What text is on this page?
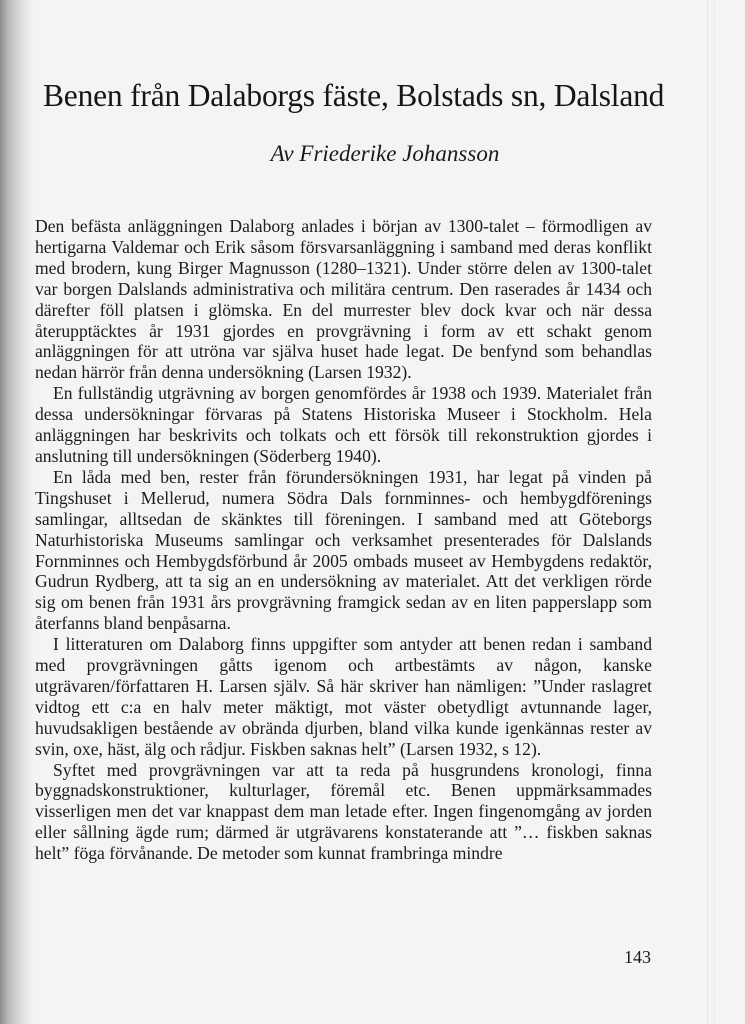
Benen från Dalaborgs fäste, Bolstads sn, Dalsland

Av Friederike Johansson

Den befästa anläggningen Dalaborg anlades i början av 1300-talet – förmodligen av hertigarna Valdemar och Erik såsom försvarsanläggning i samband med deras konflikt med brodern, kung Birger Magnusson (1280–1321). Under större delen av 1300-talet var borgen Dalslands administrativa och militära centrum. Den raserades år 1434 och därefter föll platsen i glömska. En del murrester blev dock kvar och när dessa återupptäcktes år 1931 gjordes en provgrävning i form av ett schakt genom anläggningen för att utröna var själva huset hade legat. De benfynd som behandlas nedan härrör från denna undersökning (Larsen 1932).

En fullständig utgrävning av borgen genomfördes år 1938 och 1939. Materialet från dessa undersökningar förvaras på Statens Historiska Museer i Stockholm. Hela anläggningen har beskrivits och tolkats och ett försök till rekonstruktion gjordes i anslutning till undersökningen (Söderberg 1940).

En låda med ben, rester från förundersökningen 1931, har legat på vinden på Tingshuset i Mellerud, numera Södra Dals fornminnes- och hembygdförenings samlingar, alltsedan de skänktes till föreningen. I samband med att Göteborgs Naturhistoriska Museums samlingar och verksamhet presenterades för Dalslands Fornminnes och Hembygdsförbund år 2005 ombads museet av Hembygdens redaktör, Gudrun Rydberg, att ta sig an en undersökning av materialet. Att det verkligen rörde sig om benen från 1931 års provgrävning framgick sedan av en liten papperslapp som återfanns bland benpåsarna.

I litteraturen om Dalaborg finns uppgifter som antyder att benen redan i samband med provgrävningen gåtts igenom och artbestämts av någon, kanske utgrävaren/författaren H. Larsen själv. Så här skriver han nämligen: ”Under raslagret vidtog ett c:a en halv meter mäktigt, mot väster obetydligt avtunnande lager, huvudsakligen bestående av obrända djurben, bland vilka kunde igenkännas rester av svin, oxe, häst, älg och rådjur. Fiskben saknas helt” (Larsen 1932, s 12).

Syftet med provgrävningen var att ta reda på husgrundens kronologi, finna byggnadskonstruktioner, kulturlager, föremål etc. Benen uppmärksammades visserligen men det var knappast dem man letade efter. Ingen fingenomgång av jorden eller sållning ägde rum; därmed är utgrävarens konstaterande att ”… fiskben saknas helt” föga förvånande. De metoder som kunnat frambringa mindre

143
